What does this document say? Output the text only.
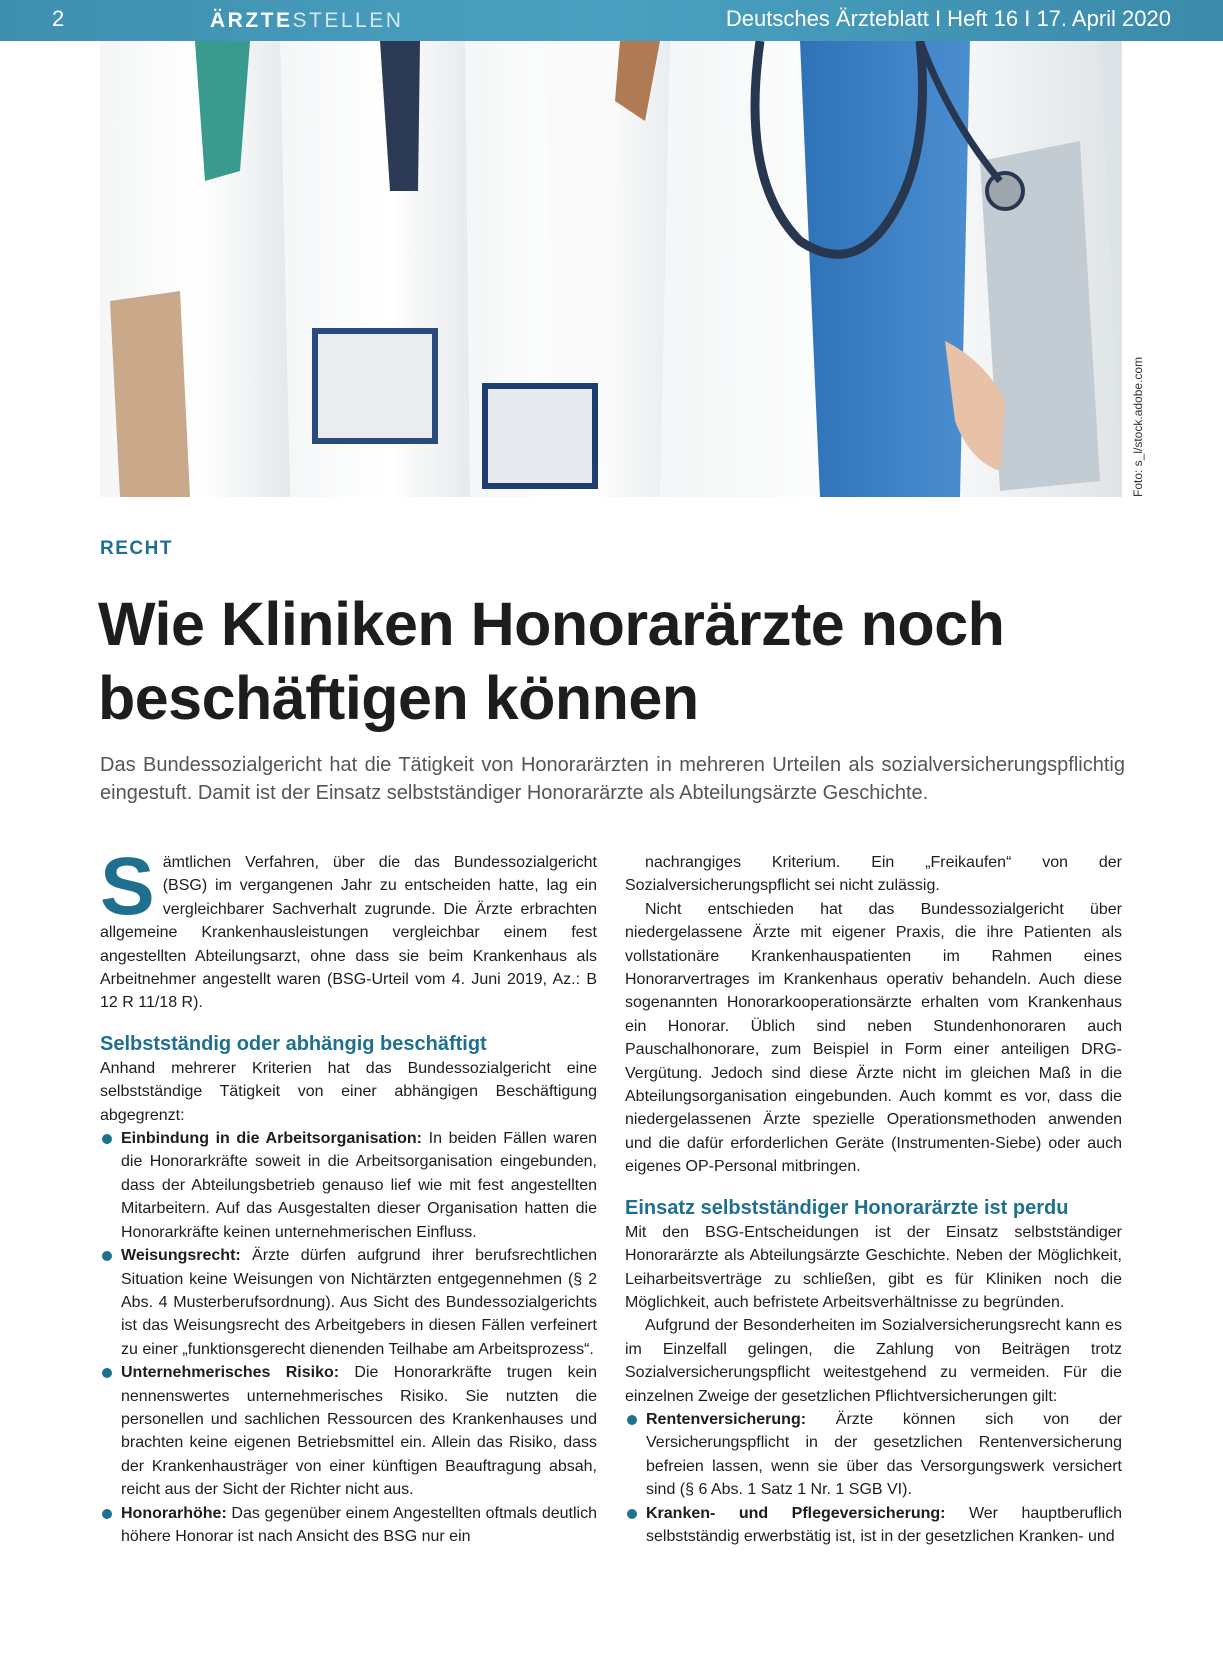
2	ÄRZTESTELLEN	Deutsches Ärzteblatt I Heft 16 I 17. April 2020
Foto: s_l/stock.adobe.com
RECHT
Wie Kliniken Honorarärzte noch
beschäftigen können
Das Bundessozialgericht hat die Tätigkeit von Honorarärzten in mehreren Urteilen als sozialversicherungspflichtig eingestuft. Damit ist der Einsatz selbstständiger Honorarärzte als Abteilungsärzte Geschichte.

Sämtlichen Verfahren, über die das Bundessozialgericht (BSG) im vergangenen Jahr zu entscheiden hatte, lag ein vergleichbarer Sachverhalt zugrunde. Die Ärzte erbrachten allgemeine Krankenhausleistungen vergleichbar einem fest angestellten Abteilungsarzt, ohne dass sie beim Krankenhaus als Arbeitnehmer angestellt waren (BSG-Urteil vom 4. Juni 2019, Az.: B 12 R 11/18 R).

Selbstständig oder abhängig beschäftigt

Anhand mehrerer Kriterien hat das Bundessozialgericht eine selbstständige Tätigkeit von einer abhängigen Beschäftigung abgegrenzt:

Einbindung in die Arbeitsorganisation: In beiden Fällen waren die Honorarkräfte soweit in die Arbeitsorganisation eingebunden, dass der Abteilungsbetrieb genauso lief wie mit fest angestellten Mitarbeitern. Auf das Ausgestalten dieser Organisation hatten die Honorarkräfte keinen unternehmerischen Einfluss.
Weisungsrecht: Ärzte dürfen aufgrund ihrer berufsrechtlichen Situation keine Weisungen von Nichtärzten entgegennehmen (§ 2 Abs. 4 Musterberufsordnung). Aus Sicht des Bundessozialgerichts ist das Weisungsrecht des Arbeitgebers in diesen Fällen verfeinert zu einer „funktionsgerecht dienenden Teilhabe am Arbeitsprozess“.
Unternehmerisches Risiko: Die Honorarkräfte trugen kein nennenswertes unternehmerisches Risiko. Sie nutzten die personellen und sachlichen Ressourcen des Krankenhauses und brachten keine eigenen Betriebsmittel ein. Allein das Risiko, dass der Krankenhausträger von einer künftigen Beauftragung absah, reicht aus der Sicht der Richter nicht aus.
Honorarhöhe: Das gegenüber einem Angestellten oftmals deutlich höhere Honorar ist nach Ansicht des BSG nur ein

nachrangiges Kriterium. Ein „Freikaufen“ von der Sozialversicherungspflicht sei nicht zulässig.

Nicht entschieden hat das Bundessozialgericht über niedergelassene Ärzte mit eigener Praxis, die ihre Patienten als vollstationäre Krankenhauspatienten im Rahmen eines Honorarvertrages im Krankenhaus operativ behandeln. Auch diese sogenannten Honorarkooperationsärzte erhalten vom Krankenhaus ein Honorar. Üblich sind neben Stundenhonoraren auch Pauschalhonorare, zum Beispiel in Form einer anteiligen DRG-Vergütung. Jedoch sind diese Ärzte nicht im gleichen Maß in die Abteilungsorganisation eingebunden. Auch kommt es vor, dass die niedergelassenen Ärzte spezielle Operationsmethoden anwenden und die dafür erforderlichen Geräte (Instrumenten-Siebe) oder auch eigenes OP-Personal mitbringen.

Einsatz selbstständiger Honorarärzte ist perdu

Mit den BSG-Entscheidungen ist der Einsatz selbstständiger Honorarärzte als Abteilungsärzte Geschichte. Neben der Möglichkeit, Leiharbeitsverträge zu schließen, gibt es für Kliniken noch die Möglichkeit, auch befristete Arbeitsverhältnisse zu begründen.

Aufgrund der Besonderheiten im Sozialversicherungsrecht kann es im Einzelfall gelingen, die Zahlung von Beiträgen trotz Sozialversicherungspflicht weitestgehend zu vermeiden. Für die einzelnen Zweige der gesetzlichen Pflichtversicherungen gilt:

Rentenversicherung: Ärzte können sich von der Versicherungspflicht in der gesetzlichen Rentenversicherung befreien lassen, wenn sie über das Versorgungswerk versichert sind (§ 6 Abs. 1 Satz 1 Nr. 1 SGB VI).
Kranken- und Pflegeversicherung: Wer hauptberuflich selbstständig erwerbstätig ist, ist in der gesetzlichen Kranken- und
